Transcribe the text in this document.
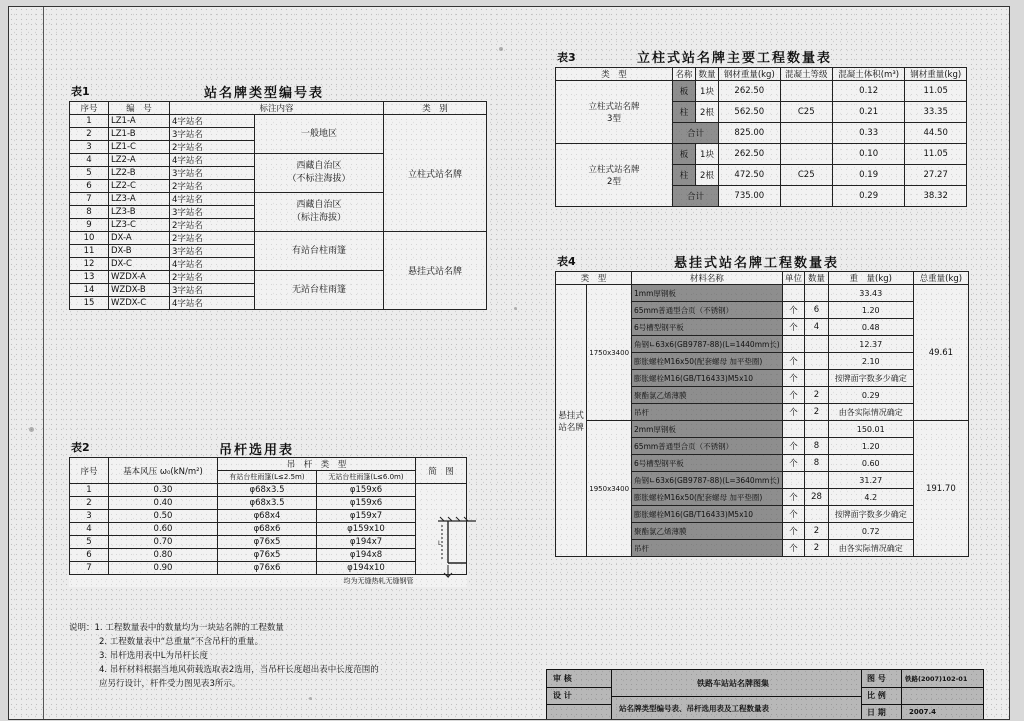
表1	站名牌类型编号表
序号	编　号	标注内容		类　别
1	LZ1-A	4字站名	一般地区	立柱式站名牌
2	LZ1-B	3字站名		
3	LZ1-C	2字站名		
4	LZ2-A	4字站名	西藏自治区
（不标注海拔）	
5	LZ2-B	3字站名		
6	LZ2-C	2字站名		
7	LZ3-A	4字站名	西藏自治区
（标注海拔）	
8	LZ3-B	3字站名		
9	LZ3-C	2字站名		
10	DX-A	2字站名	有站台柱雨篷	悬挂式站名牌
11	DX-B	3字站名		
12	DX-C	4字站名		
13	WZDX-A	2字站名	无站台柱雨篷	
14	WZDX-B	3字站名		
15	WZDX-C	4字站名		
表2	吊杆选用表
序号	基本风压 ω₀(kN/m²)	吊　杆　类　型		简　图
		有站台柱雨篷(L≤2.5m)	无站台柱雨篷(L≤6.0m)	
1	0.30	φ68x3.5	φ159x6	
2	0.40	φ68x3.5	φ159x6	
3	0.50	φ68x4	φ159x7	
4	0.60	φ68x6	φ159x10	
5	0.70	φ76x5	φ194x7	
6	0.80	φ76x5	φ194x8	
7	0.90	φ76x6	φ194x10	
均为无缝热轧无缝钢管				
L
说明：1. 工程数量表中的数量均为一块站名牌的工程数量
2. 工程数量表中“总重量”不含吊杆的重量。
3. 吊杆选用表中L为吊杆长度
4. 吊杆材料根据当地风荷载选取表2选用，当吊杆长度超出表中长度范围的
应另行设计，杆件受力图见表3所示。
表3	立柱式站名牌主要工程数量表
类　型	名称	数量	钢材重量(kg)	混凝土等级	混凝土体积(m³)	钢材重量(kg)
立柱式站名牌
3型	板	1块	262.50		0.12	11.05
	柱	2根	562.50	C25	0.21	33.35
	合计		825.00		0.33	44.50
立柱式站名牌
2型	板	1块	262.50		0.10	11.05
	柱	2根	472.50	C25	0.19	27.27
	合计		735.00		0.29	38.32
表4	悬挂式站名牌工程数量表
类　型		材料名称	单位	数量	重　量(kg)	总重量(kg)
悬挂式
站名牌	1750x3400	1mm厚钢板			33.43	49.61
		65mm普通型合页（不锈钢）	个	6	1.20	
		6号槽型钢平板	个	4	0.48	
		角钢∟63x6(GB9787-88)(L=1440mm长)			12.37	
		膨胀螺栓M16x50(配套螺母 加平垫圈)	个		2.10	
		膨胀螺栓M16(GB/T16433)M5x10	个		按牌面字数多少确定	
		聚酯氯乙烯薄膜	个	2	0.29	
		吊杆	个	2	由各实际情况确定	
	1950x3400	2mm厚钢板			150.01	191.70
		65mm普通型合页（不锈钢）	个	8	1.20	
		6号槽型钢平板	个	8	0.60	
		角钢∟63x6(GB9787-88)(L=3640mm长)			31.27	
		膨胀螺栓M16x50(配套螺母 加平垫圈)	个	28	4.2	
		膨胀螺栓M16(GB/T16433)M5x10	个		按牌面字数多少确定	
		聚酯氯乙烯薄膜	个	2	0.72	
		吊杆	个	2	由各实际情况确定	
审 核
设 计
铁路车站站名牌图集
站名牌类型编号表、吊杆选用表及工程数量表
图 号	铁路(2007)102-01
比 例
日 期	2007.4
